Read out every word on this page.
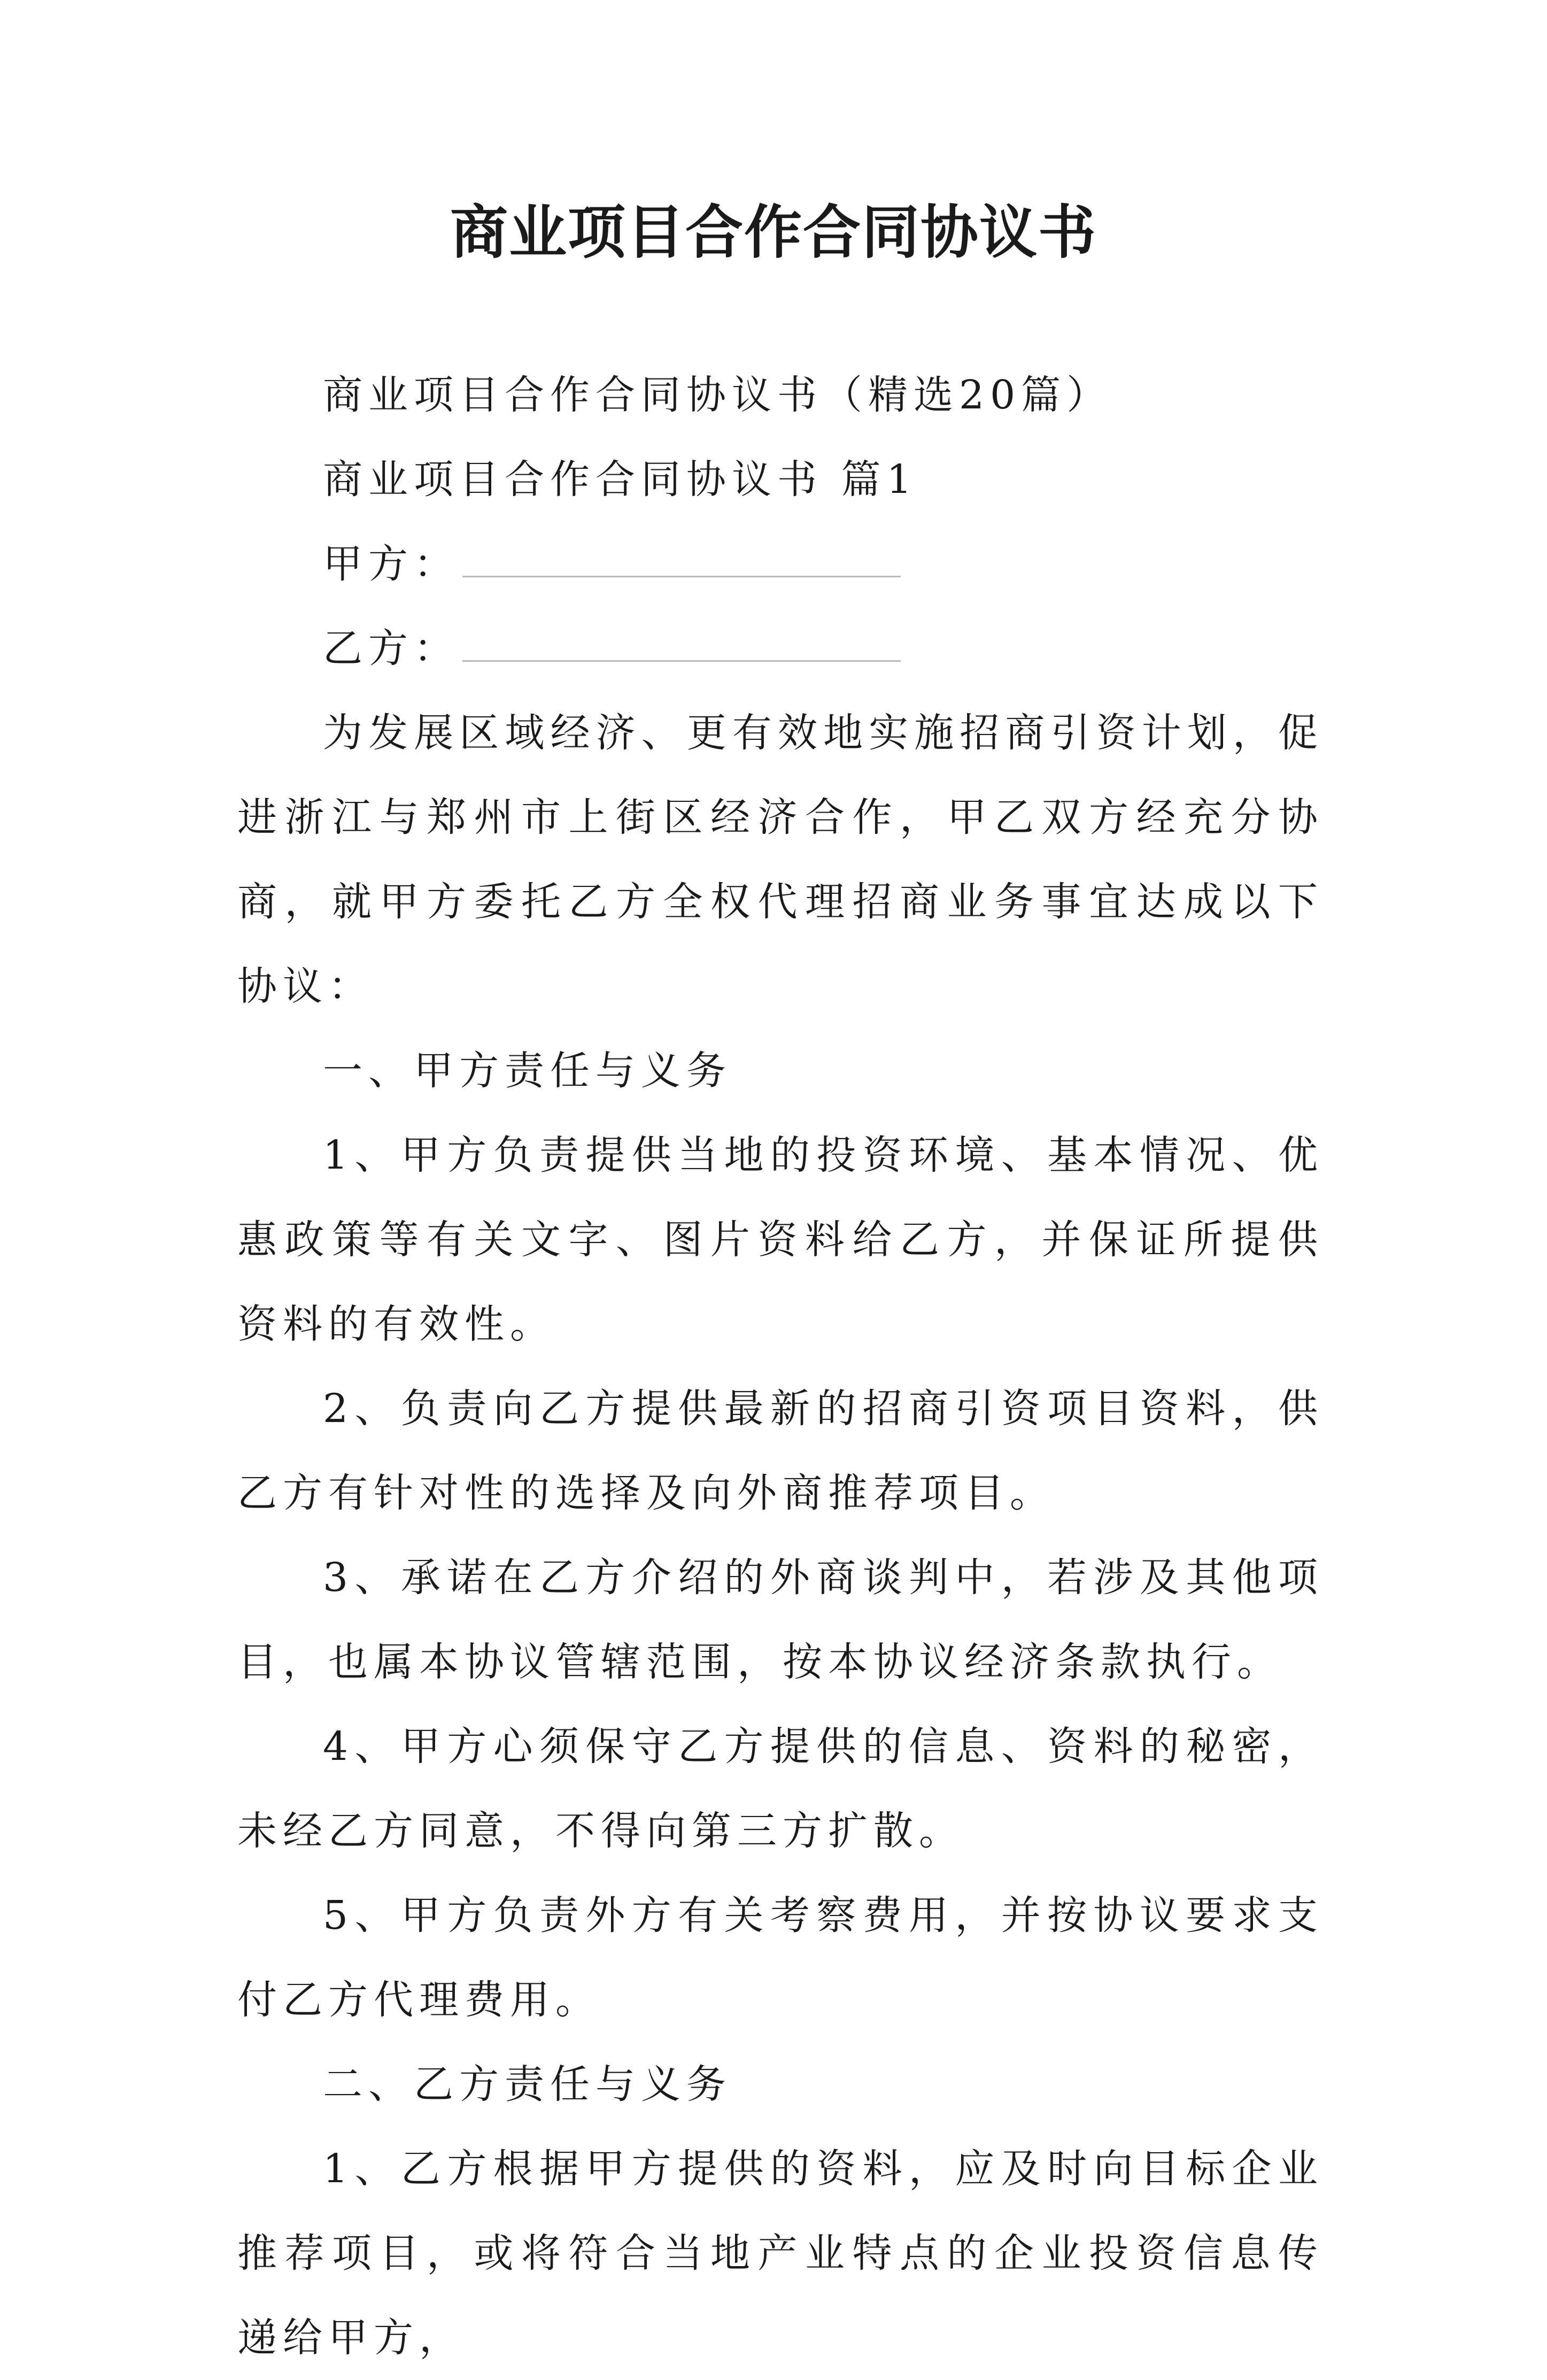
商业项目合作合同协议书

商业项目合作合同协议书（精选20篇）

商业项目合作合同协议书 篇1

甲方：

乙方：

为发展区域经济、更有效地实施招商引资计划，促进浙江与郑州市上街区经济合作，甲乙双方经充分协商，就甲方委托乙方全权代理招商业务事宜达成以下协议：

一、甲方责任与义务

1、甲方负责提供当地的投资环境、基本情况、优惠政策等有关文字、图片资料给乙方，并保证所提供资料的有效性。

2、负责向乙方提供最新的招商引资项目资料，供乙方有针对性的选择及向外商推荐项目。

3、承诺在乙方介绍的外商谈判中，若涉及其他项目，也属本协议管辖范围，按本协议经济条款执行。

4、甲方心须保守乙方提供的信息、资料的秘密，未经乙方同意，不得向第三方扩散。

5、甲方负责外方有关考察费用，并按协议要求支付乙方代理费用。

二、乙方责任与义务

1、乙方根据甲方提供的资料，应及时向目标企业推荐项目，或将符合当地产业特点的企业投资信息传递给甲方，
